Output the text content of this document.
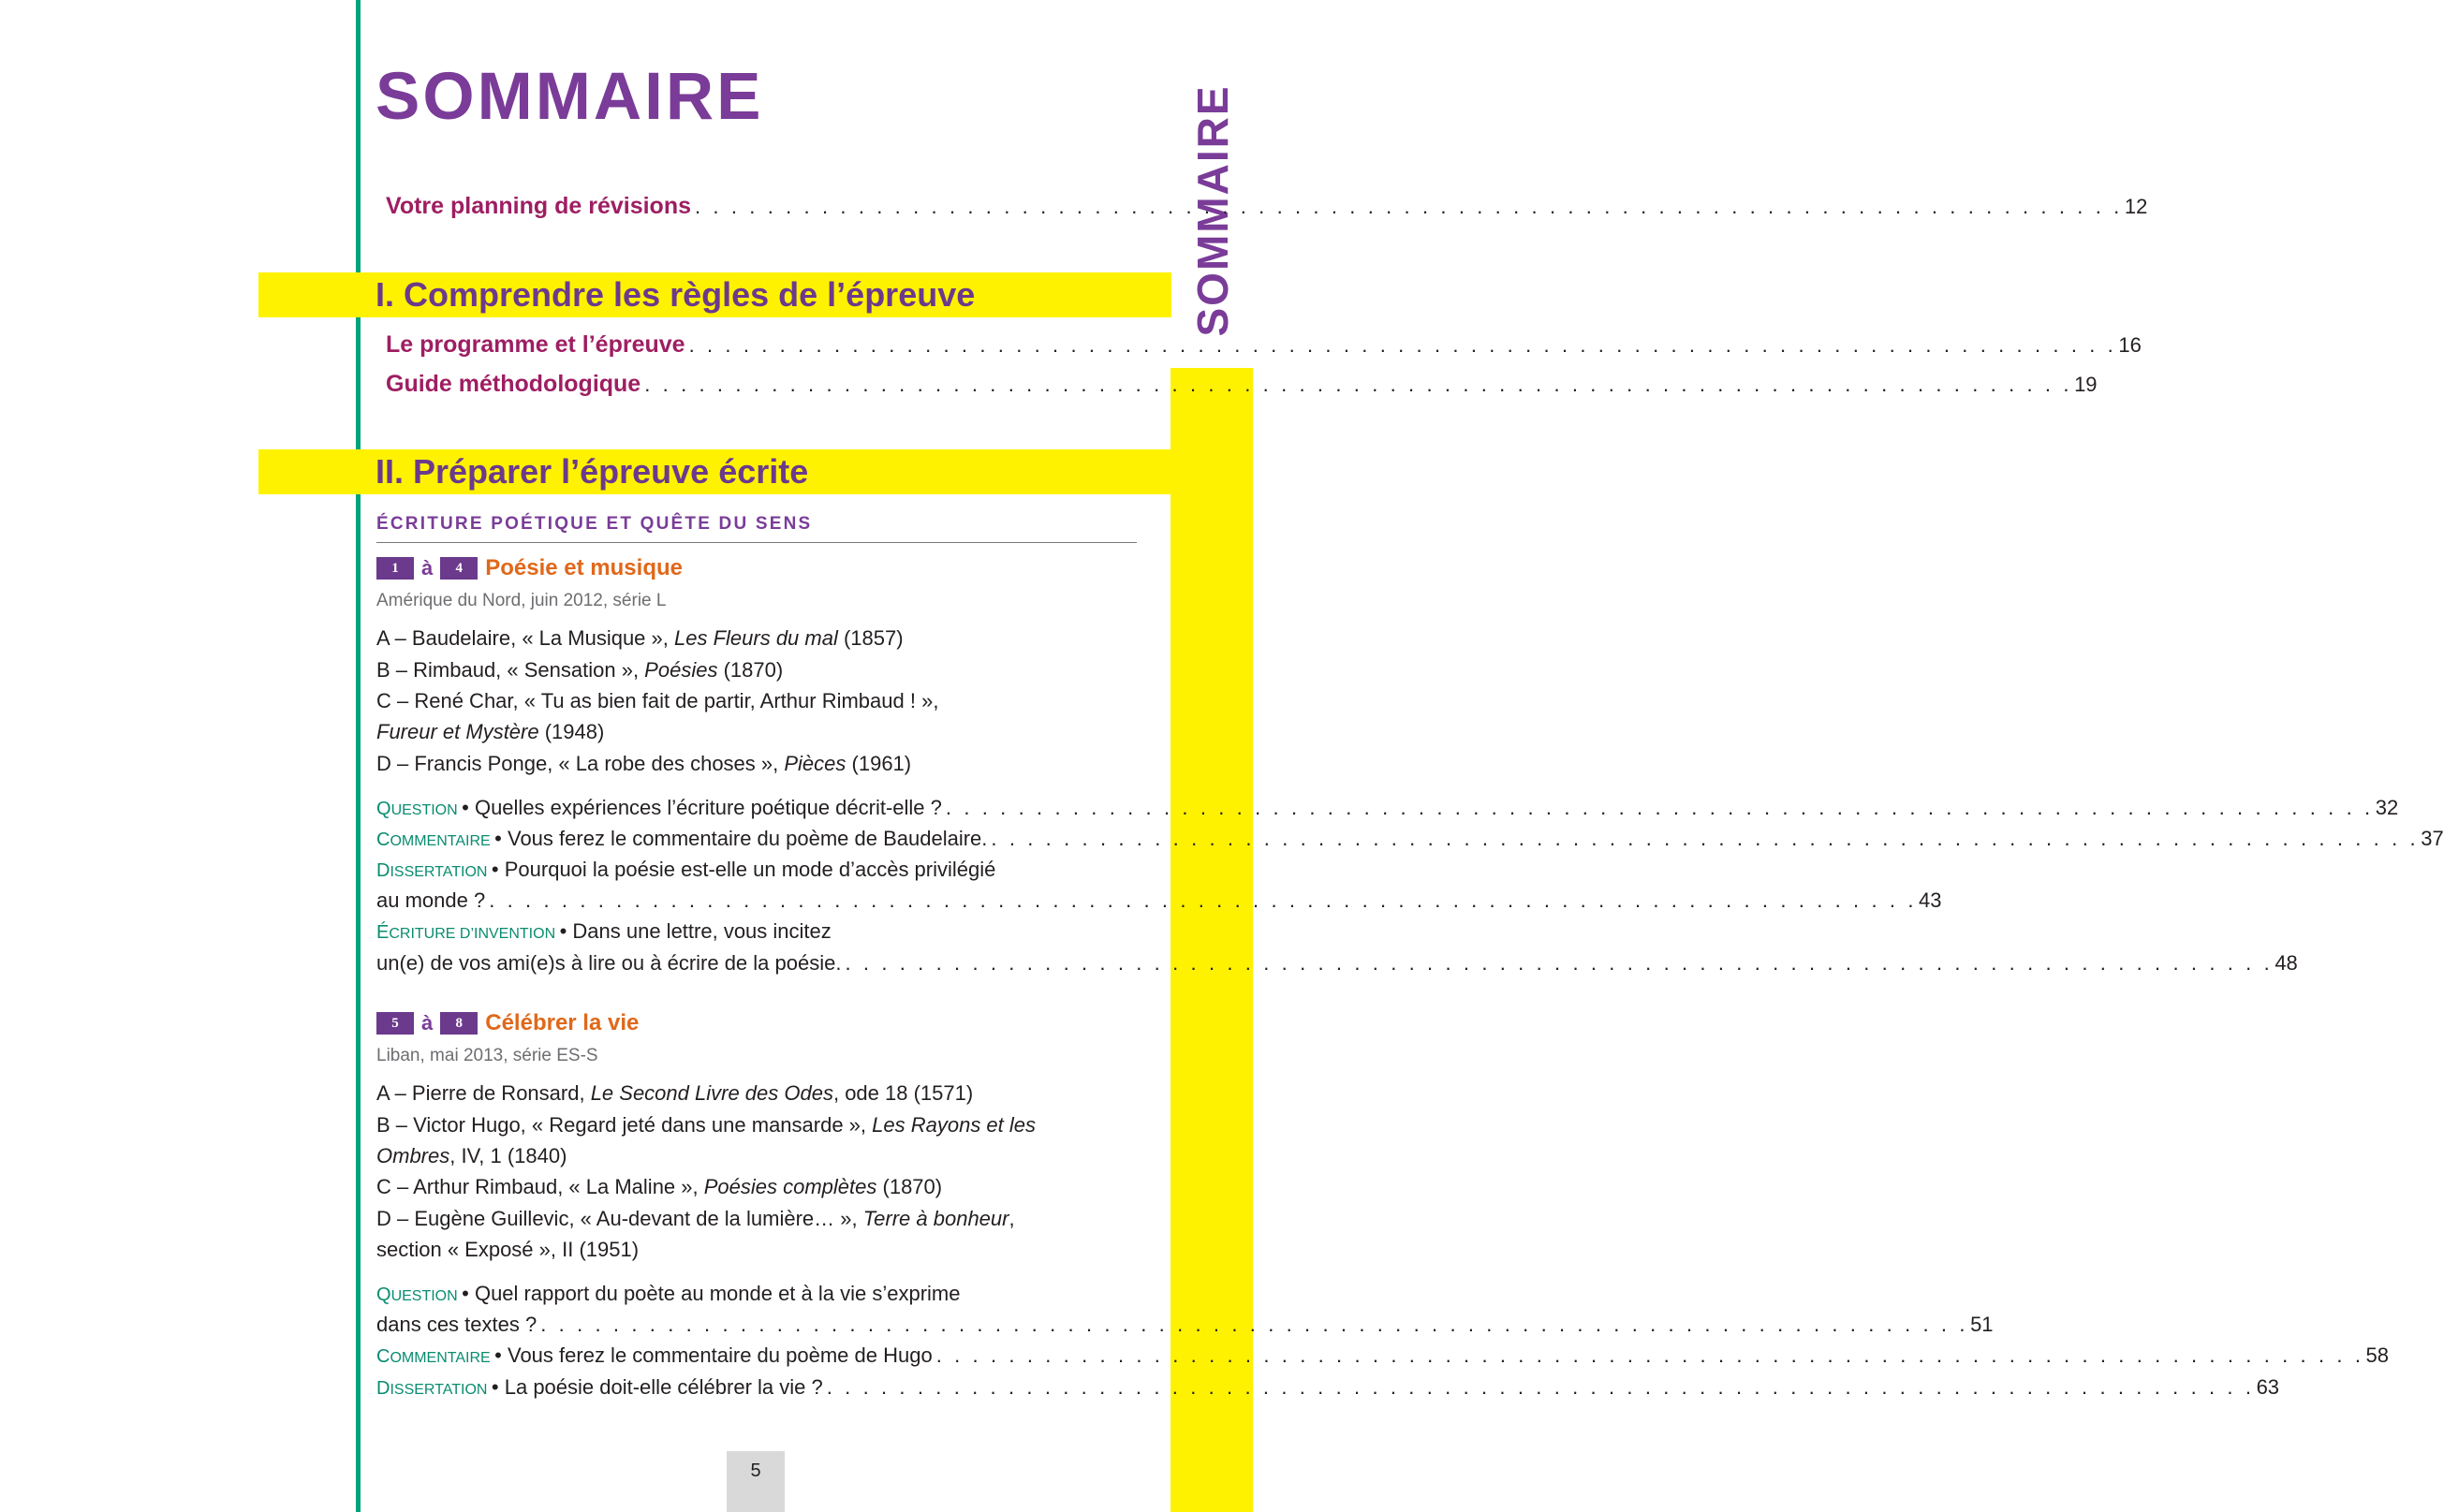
SOMMAIRE
SOMMAIRE
Votre planning de révisions . . . . . . . . . . . . . . . . . . . . . . . . . . . . . . . . . . . . . . . . . . . . . . . . . . . . . . . . . . . . . . . . . . . . . . . . . . . . . . . 12
I. Comprendre les règles de l’épreuve
Le programme et l’épreuve . . . . . . . . . . . . . . . . . . . . . . . . . . . . . . . . . . . . . . . . . . . . . . . . . . . . . . . . . . . . . . . . . . . . . . . . . . . . . . . 16
Guide méthodologique . . . . . . . . . . . . . . . . . . . . . . . . . . . . . . . . . . . . . . . . . . . . . . . . . . . . . . . . . . . . . . . . . . . . . . . . . . . . . . . 19
II. Préparer l’épreuve écrite
ÉCRITURE POÉTIQUE ET QUÊTE DU SENS
1	à	4	Poésie et musique
Amérique du Nord, juin 2012, série L
A – Baudelaire, « La Musique », Les Fleurs du mal (1857)
B – Rimbaud, « Sensation », Poésies (1870)
C – René Char, « Tu as bien fait de partir, Arthur Rimbaud ! »,
Fureur et Mystère (1948)
D – Francis Ponge, « La robe des choses », Pièces (1961)
QUESTION
• Quelles expériences l’écriture poétique décrit-elle ? . . . . . . . . . . . . . . . . . . . . . . . . . . . . . . . . . . . . . . . . . . . . . . . . . . . . . . . . . . . . . . . . . . . . . . . . . . . . . . . 32
COMMENTAIRE
• Vous ferez le commentaire du poème de Baudelaire. . . . . . . . . . . . . . . . . . . . . . . . . . . . . . . . . . . . . . . . . . . . . . . . . . . . . . . . . . . . . . . . . . . . . . . . . . . . . . . . 37
DISSERTATION
• Pourquoi la poésie est-elle un mode d’accès privilégié
au monde ? . . . . . . . . . . . . . . . . . . . . . . . . . . . . . . . . . . . . . . . . . . . . . . . . . . . . . . . . . . . . . . . . . . . . . . . . . . . . . . . 43
ÉCRITURE D’INVENTION
• Dans une lettre, vous incitez
un(e) de vos ami(e)s à lire ou à écrire de la poésie. . . . . . . . . . . . . . . . . . . . . . . . . . . . . . . . . . . . . . . . . . . . . . . . . . . . . . . . . . . . . . . . . . . . . . . . . . . . . . . . 48
5	à	8	Célébrer la vie
Liban, mai 2013, série ES-S
A – Pierre de Ronsard, Le Second Livre des Odes, ode 18 (1571)
B – Victor Hugo, « Regard jeté dans une mansarde », Les Rayons et les
Ombres, IV, 1 (1840)
C – Arthur Rimbaud, « La Maline », Poésies complètes (1870)
D – Eugène Guillevic, « Au-devant de la lumière… », Terre à bonheur,
section « Exposé », II (1951)
QUESTION
• Quel rapport du poète au monde et à la vie s’exprime
dans ces textes ? . . . . . . . . . . . . . . . . . . . . . . . . . . . . . . . . . . . . . . . . . . . . . . . . . . . . . . . . . . . . . . . . . . . . . . . . . . . . . . . 51
COMMENTAIRE
• Vous ferez le commentaire du poème de Hugo . . . . . . . . . . . . . . . . . . . . . . . . . . . . . . . . . . . . . . . . . . . . . . . . . . . . . . . . . . . . . . . . . . . . . . . . . . . . . . . 58
DISSERTATION
• La poésie doit-elle célébrer la vie ? . . . . . . . . . . . . . . . . . . . . . . . . . . . . . . . . . . . . . . . . . . . . . . . . . . . . . . . . . . . . . . . . . . . . . . . . . . . . . . . 63
5
